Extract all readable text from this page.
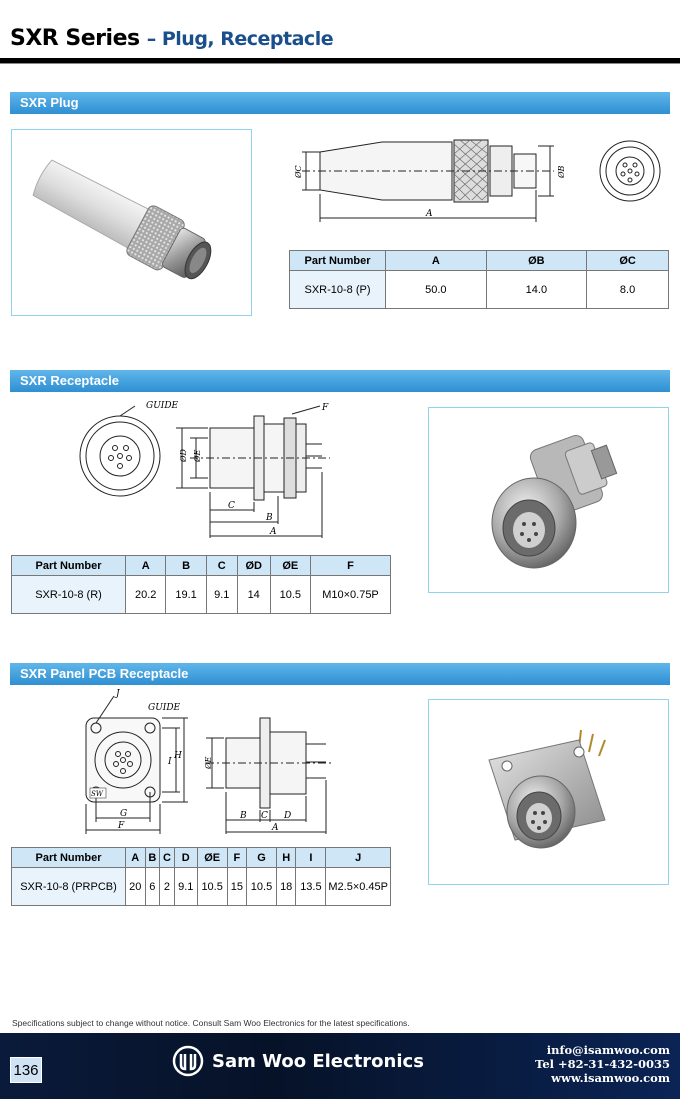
SXR Series – Plug, Receptacle
SXR Plug
A
ØC	ØB
Part Number	A	ØB	ØC
SXR-10-8 (P)	50.0	14.0	8.0
SXR Receptacle
GUIDE	F
C
B
A
ØD ØE
Part Number	A	B	C	ØD	ØE	F
SXR-10-8 (R)	20.2	19.1	9.1	14	10.5	M10×0.75P
SXR Panel PCB Receptacle
J
GUIDE
SW
G
F
I
H
ØE
B C D
A
Part Number	A	B	C	D	ØE	F	G	H	I	J
SXR-10-8 (PRPCB)	20	6	2	9.1	10.5	15	10.5	18	13.5	M2.5×0.45P
Specifications subject to change without notice. Consult Sam Woo Electronics for the latest specifications.
136	Sam Woo Electronics
info@isamwoo.com
Tel +82-31-432-0035
www.isamwoo.com
